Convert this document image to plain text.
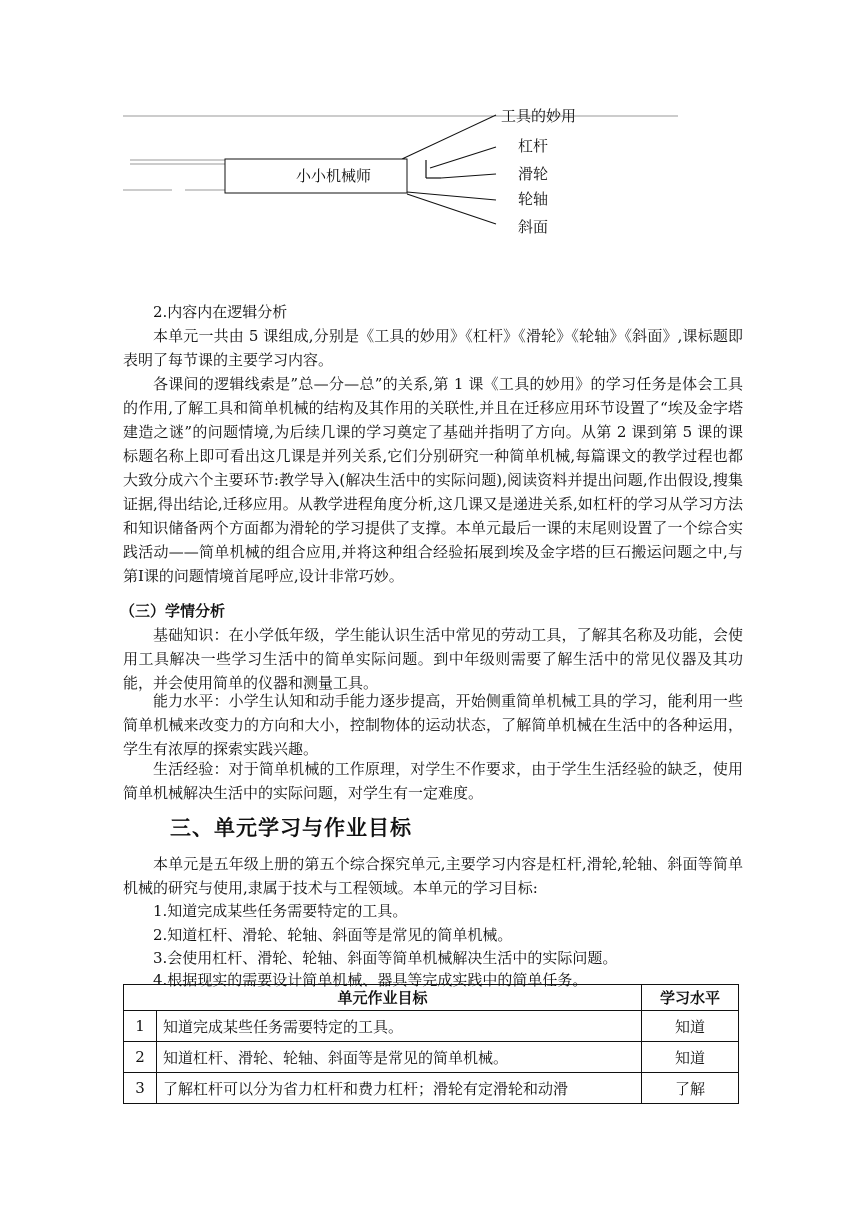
小小机械师
工具的妙用
杠杆
滑轮
轮轴
斜面

2.内容内在逻辑分析

本单元一共由 5 课组成,分别是《工具的妙用》《杠杆》《滑轮》《轮轴》《斜面》,课标题即表明了每节课的主要学习内容。

各课间的逻辑线索是”总—分—总”的关系,第 1 课《工具的妙用》的学习任务是体会工具的作用,了解工具和简单机械的结构及其作用的关联性,并且在迁移应用环节设置了“埃及金字塔建造之谜”的问题情境,为后续几课的学习奠定了基础并指明了方向。从第 2 课到第 5 课的课标题名称上即可看出这几课是并列关系,它们分别研究一种简单机械,每篇课文的教学过程也都大致分成六个主要环节:教学导入(解决生活中的实际问题),阅读资料并提出问题,作出假设,搜集证据,得出结论,迁移应用。从教学进程角度分析,这几课又是递进关系,如杠杆的学习从学习方法和知识储备两个方面都为滑轮的学习提供了支撑。本单元最后一课的末尾则设置了一个综合实践活动——简单机械的组合应用,并将这种组合经验拓展到埃及金字塔的巨石搬运问题之中,与第Ⅰ课的问题情境首尾呼应,设计非常巧妙。

（三）学情分析

基础知识：在小学低年级，学生能认识生活中常见的劳动工具，了解其名称及功能，会使用工具解决一些学习生活中的简单实际问题。到中年级则需要了解生活中的常见仪器及其功能，并会使用简单的仪器和测量工具。

能力水平：小学生认知和动手能力逐步提高，开始侧重简单机械工具的学习，能利用一些简单机械来改变力的方向和大小，控制物体的运动状态，了解简单机械在生活中的各种运用，学生有浓厚的探索实践兴趣。

生活经验：对于简单机械的工作原理，对学生不作要求，由于学生生活经验的缺乏，使用简单机械解决生活中的实际问题，对学生有一定难度。

三、单元学习与作业目标

本单元是五年级上册的第五个综合探究单元,主要学习内容是杠杆,滑轮,轮轴、斜面等简单机械的研究与使用,隶属于技术与工程领域。本单元的学习目标:

1.知道完成某些任务需要特定的工具。

2.知道杠杆、滑轮、轮轴、斜面等是常见的简单机械。

3.会使用杠杆、滑轮、轮轴、斜面等简单机械解决生活中的实际问题。

4.根据现实的需要设计简单机械、器具等完成实践中的简单任务。

单元作业目标		学习水平
1	知道完成某些任务需要特定的工具。	知道
2	知道杠杆、滑轮、轮轴、斜面等是常见的简单机械。	知道
3	了解杠杆可以分为省力杠杆和费力杠杆；滑轮有定滑轮和动滑	了解
